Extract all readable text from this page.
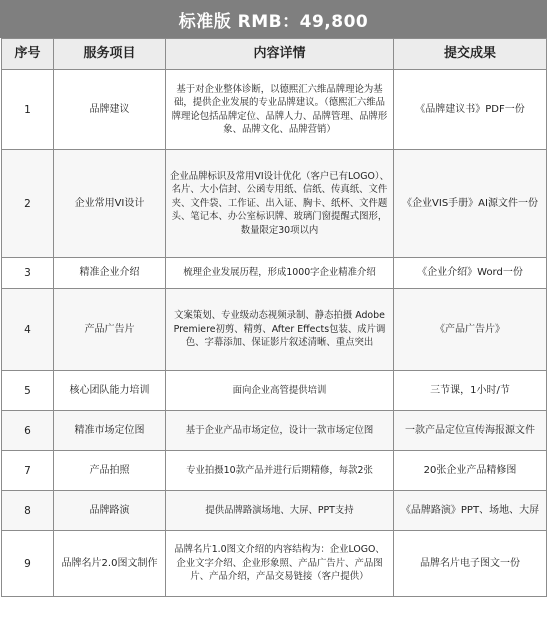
标准版 RMB：49,800
序号	服务项目	内容详情	提交成果
1	品牌建议	基于对企业整体诊断，以德熙汇六维品牌理论为基础，提供企业发展的专业品牌建议。（德熙汇六维品牌理论包括品牌定位、品牌人力、品牌管理、品牌形象、品牌文化、品牌营销）	《品牌建议书》PDF一份
2	企业常用VI设计	企业品牌标识及常用VI设计优化（客户已有LOGO）、名片、大小信封、公函专用纸、信纸、传真纸、文件夹、文件袋、工作证、出入证、胸卡、纸杯、文件题头、笔记本、办公室标识牌、玻璃门窗提醒式图形，数量限定30项以内	《企业VIS手册》AI源文件一份
3	精准企业介绍	梳理企业发展历程，形成1000字企业精准介绍	《企业介绍》Word一份
4	产品广告片	文案策划、专业级动态视频录制、静态拍摄 Adobe Premiere初剪、精剪、After Effects包装、成片调色、字幕添加、保证影片叙述清晰、重点突出	《产品广告片》
5	核心团队能力培训	面向企业高管提供培训	三节课，1小时/节
6	精准市场定位图	基于企业产品市场定位，设计一款市场定位图	一款产品定位宣传海报源文件
7	产品拍照	专业拍摄10款产品并进行后期精修，每款2张	20张企业产品精修图
8	品牌路演	提供品牌路演场地、大屏、PPT支持	《品牌路演》PPT、场地、大屏
9	品牌名片2.0图文制作	品牌名片1.0图文介绍的内容结构为：企业LOGO、企业文字介绍、企业形象照、产品广告片、产品图片、产品介绍，产品交易链接（客户提供）	品牌名片电子图文一份
